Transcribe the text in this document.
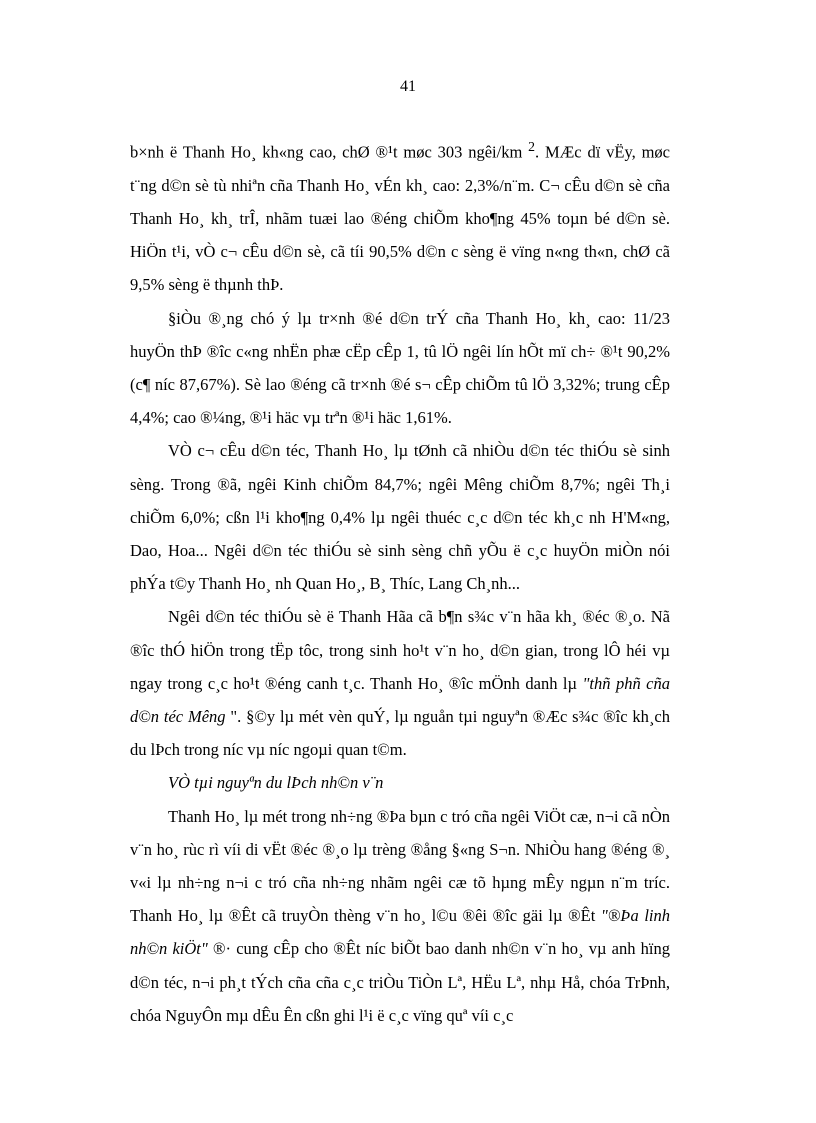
41

b×nh ë Thanh Ho¸ kh«ng cao, chØ ®¹t møc 303 ngêi/km $^2$. MÆc dï vËy, møc t¨ng d©n sè tù nhiªn cña Thanh Ho¸ vÉn kh¸ cao: 2,3%/n¨m. C¬ cÊu d©n sè cña Thanh Ho¸ kh¸ trÎ, nhãm tuæi lao ®éng chiÕm kho¶ng 45% toµn bé d©n sè. HiÖn t¹i, vÒ c¬ cÊu d©n sè, cã tíi 90,5% d©n c sèng ë vïng n«ng th«n, chØ cã 9,5% sèng ë thµnh thÞ.

§iÒu ®¸ng chó ý lµ tr×nh ®é d©n trÝ cña Thanh Ho¸ kh¸ cao: 11/23 huyÖn thÞ ®îc c«ng nhËn phæ cËp cÊp 1, tû lÖ ngêi lín hÕt mï ch÷ ®¹t 90,2% (c¶ níc 87,67%). Sè lao ®éng cã tr×nh ®é s¬ cÊp chiÕm tû lÖ 3,32%; trung cÊp 4,4%; cao ®¼ng, ®¹i häc vµ trªn ®¹i häc 1,61%.

VÒ c¬ cÊu d©n téc, Thanh Ho¸ lµ tØnh cã nhiÒu d©n téc thiÓu sè sinh sèng. Trong ®ã, ngêi Kinh chiÕm 84,7%; ngêi Mêng chiÕm 8,7%; ngêi Th¸i chiÕm 6,0%; cßn l¹i kho¶ng 0,4% lµ ngêi thuéc c¸c d©n téc kh¸c nh H'M«ng, Dao, Hoa... Ngêi d©n téc thiÓu sè sinh sèng chñ yÕu ë c¸c huyÖn miÒn nói phÝa t©y Thanh Ho¸ nh Quan Ho¸, B¸ Thíc, Lang Ch¸nh...

Ngêi d©n téc thiÓu sè ë Thanh Hãa cã b¶n s¾c v¨n hãa kh¸ ®éc ®¸o. Nã ®îc thÓ hiÖn trong tËp tôc, trong sinh ho¹t v¨n ho¸ d©n gian, trong lÔ héi vµ ngay trong c¸c ho¹t ®éng canh t¸c. Thanh Ho¸ ®îc mÖnh danh lµ "thñ phñ cña d©n téc Mêng ". §©y lµ mét vèn quÝ, lµ nguån tµi nguyªn ®Æc s¾c ®îc kh¸ch du lÞch trong níc vµ níc ngoµi quan t©m.

VÒ tµi nguyªn du lÞch nh©n v¨n

Thanh Ho¸ lµ mét trong nh÷ng ®Þa bµn c tró cña ngêi ViÖt cæ, n¬i cã nÒn v¨n ho¸ rùc rì víi di vËt ®éc ®¸o lµ trèng ®ång §«ng S¬n. NhiÒu hang ®éng ®¸ v«i lµ nh÷ng n¬i c tró cña nh÷ng nhãm ngêi cæ tõ hµng mÊy ngµn n¨m tríc. Thanh Ho¸ lµ ®Êt cã truyÒn thèng v¨n ho¸ l©u ®êi ®îc gäi lµ ®Êt "®Þa linh nh©n kiÖt" ®· cung cÊp cho ®Êt níc biÕt bao danh nh©n v¨n ho¸ vµ anh hïng d©n téc, n¬i ph¸t tÝch cña cña c¸c triÒu TiÒn Lª, HËu Lª, nhµ Hå, chóa TrÞnh, chóa NguyÔn mµ dÊu Ên cßn ghi l¹i ë c¸c vïng quª víi c¸c
